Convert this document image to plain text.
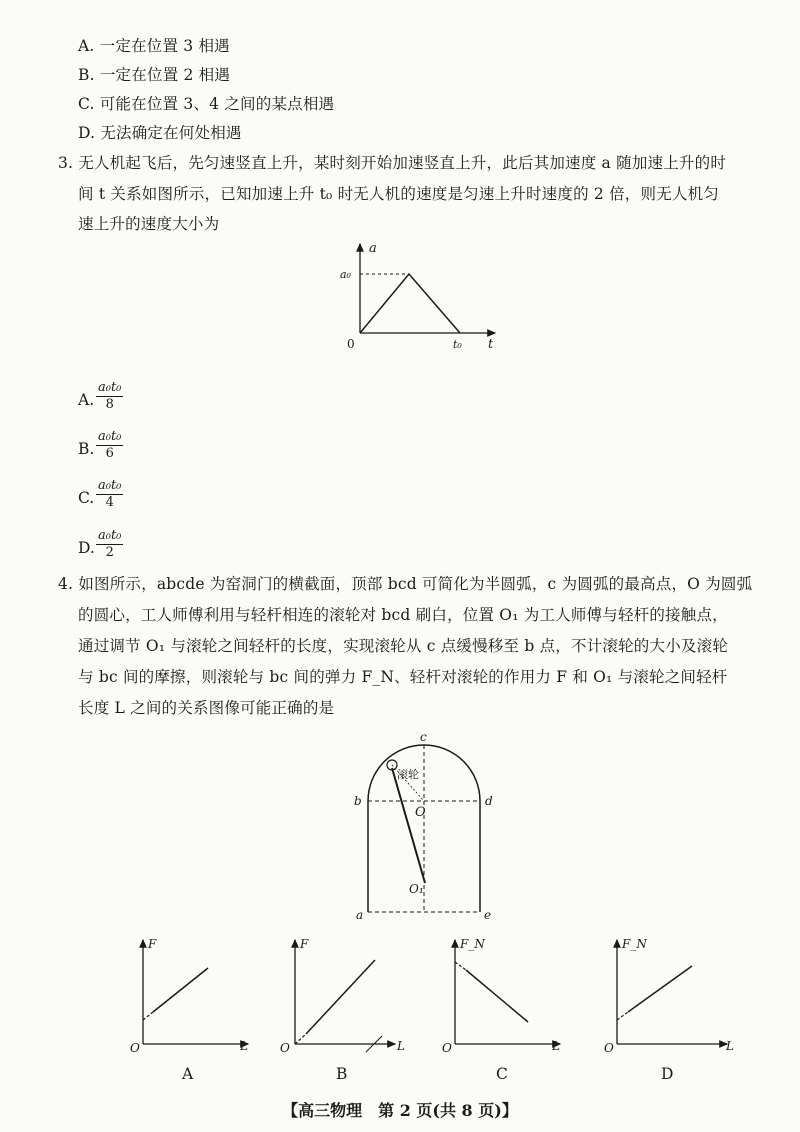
A. 一定在位置 3 相遇
B. 一定在位置 2 相遇
C. 可能在位置 3、4 之间的某点相遇
D. 无法确定在何处相遇
3. 无人机起飞后，先匀速竖直上升，某时刻开始加速竖直上升，此后其加速度 a 随加速上升的时
间 t 关系如图所示，已知加速上升 t₀ 时无人机的速度是匀速上升时速度的 2 倍，则无人机匀
速上升的速度大小为
a
a₀
0	t₀ t
A.
a₀t₀
8
B.
a₀t₀
6
C.
a₀t₀
4
D.
a₀t₀
2
4. 如图所示，abcde 为窑洞门的横截面，顶部 bcd 可简化为半圆弧，c 为圆弧的最高点，O 为圆弧
的圆心，工人师傅利用与轻杆相连的滚轮对 bcd 刷白，位置 O₁ 为工人师傅与轻杆的接触点，
通过调节 O₁ 与滚轮之间轻杆的长度，实现滚轮从 c 点缓慢移至 b 点，不计滚轮的大小及滚轮
与 bc 间的摩擦，则滚轮与 bc 间的弹力 F_N、轻杆对滚轮的作用力 F 和 O₁ 与滚轮之间轻杆
长度 L 之间的关系图像可能正确的是
c
滚轮
b	d
O
O₁
a	e
F
O	L
F
O	L
F_N
O	L
F_N
O	L
A	B	C	D
【高三物理　第 2 页(共 8 页)】
